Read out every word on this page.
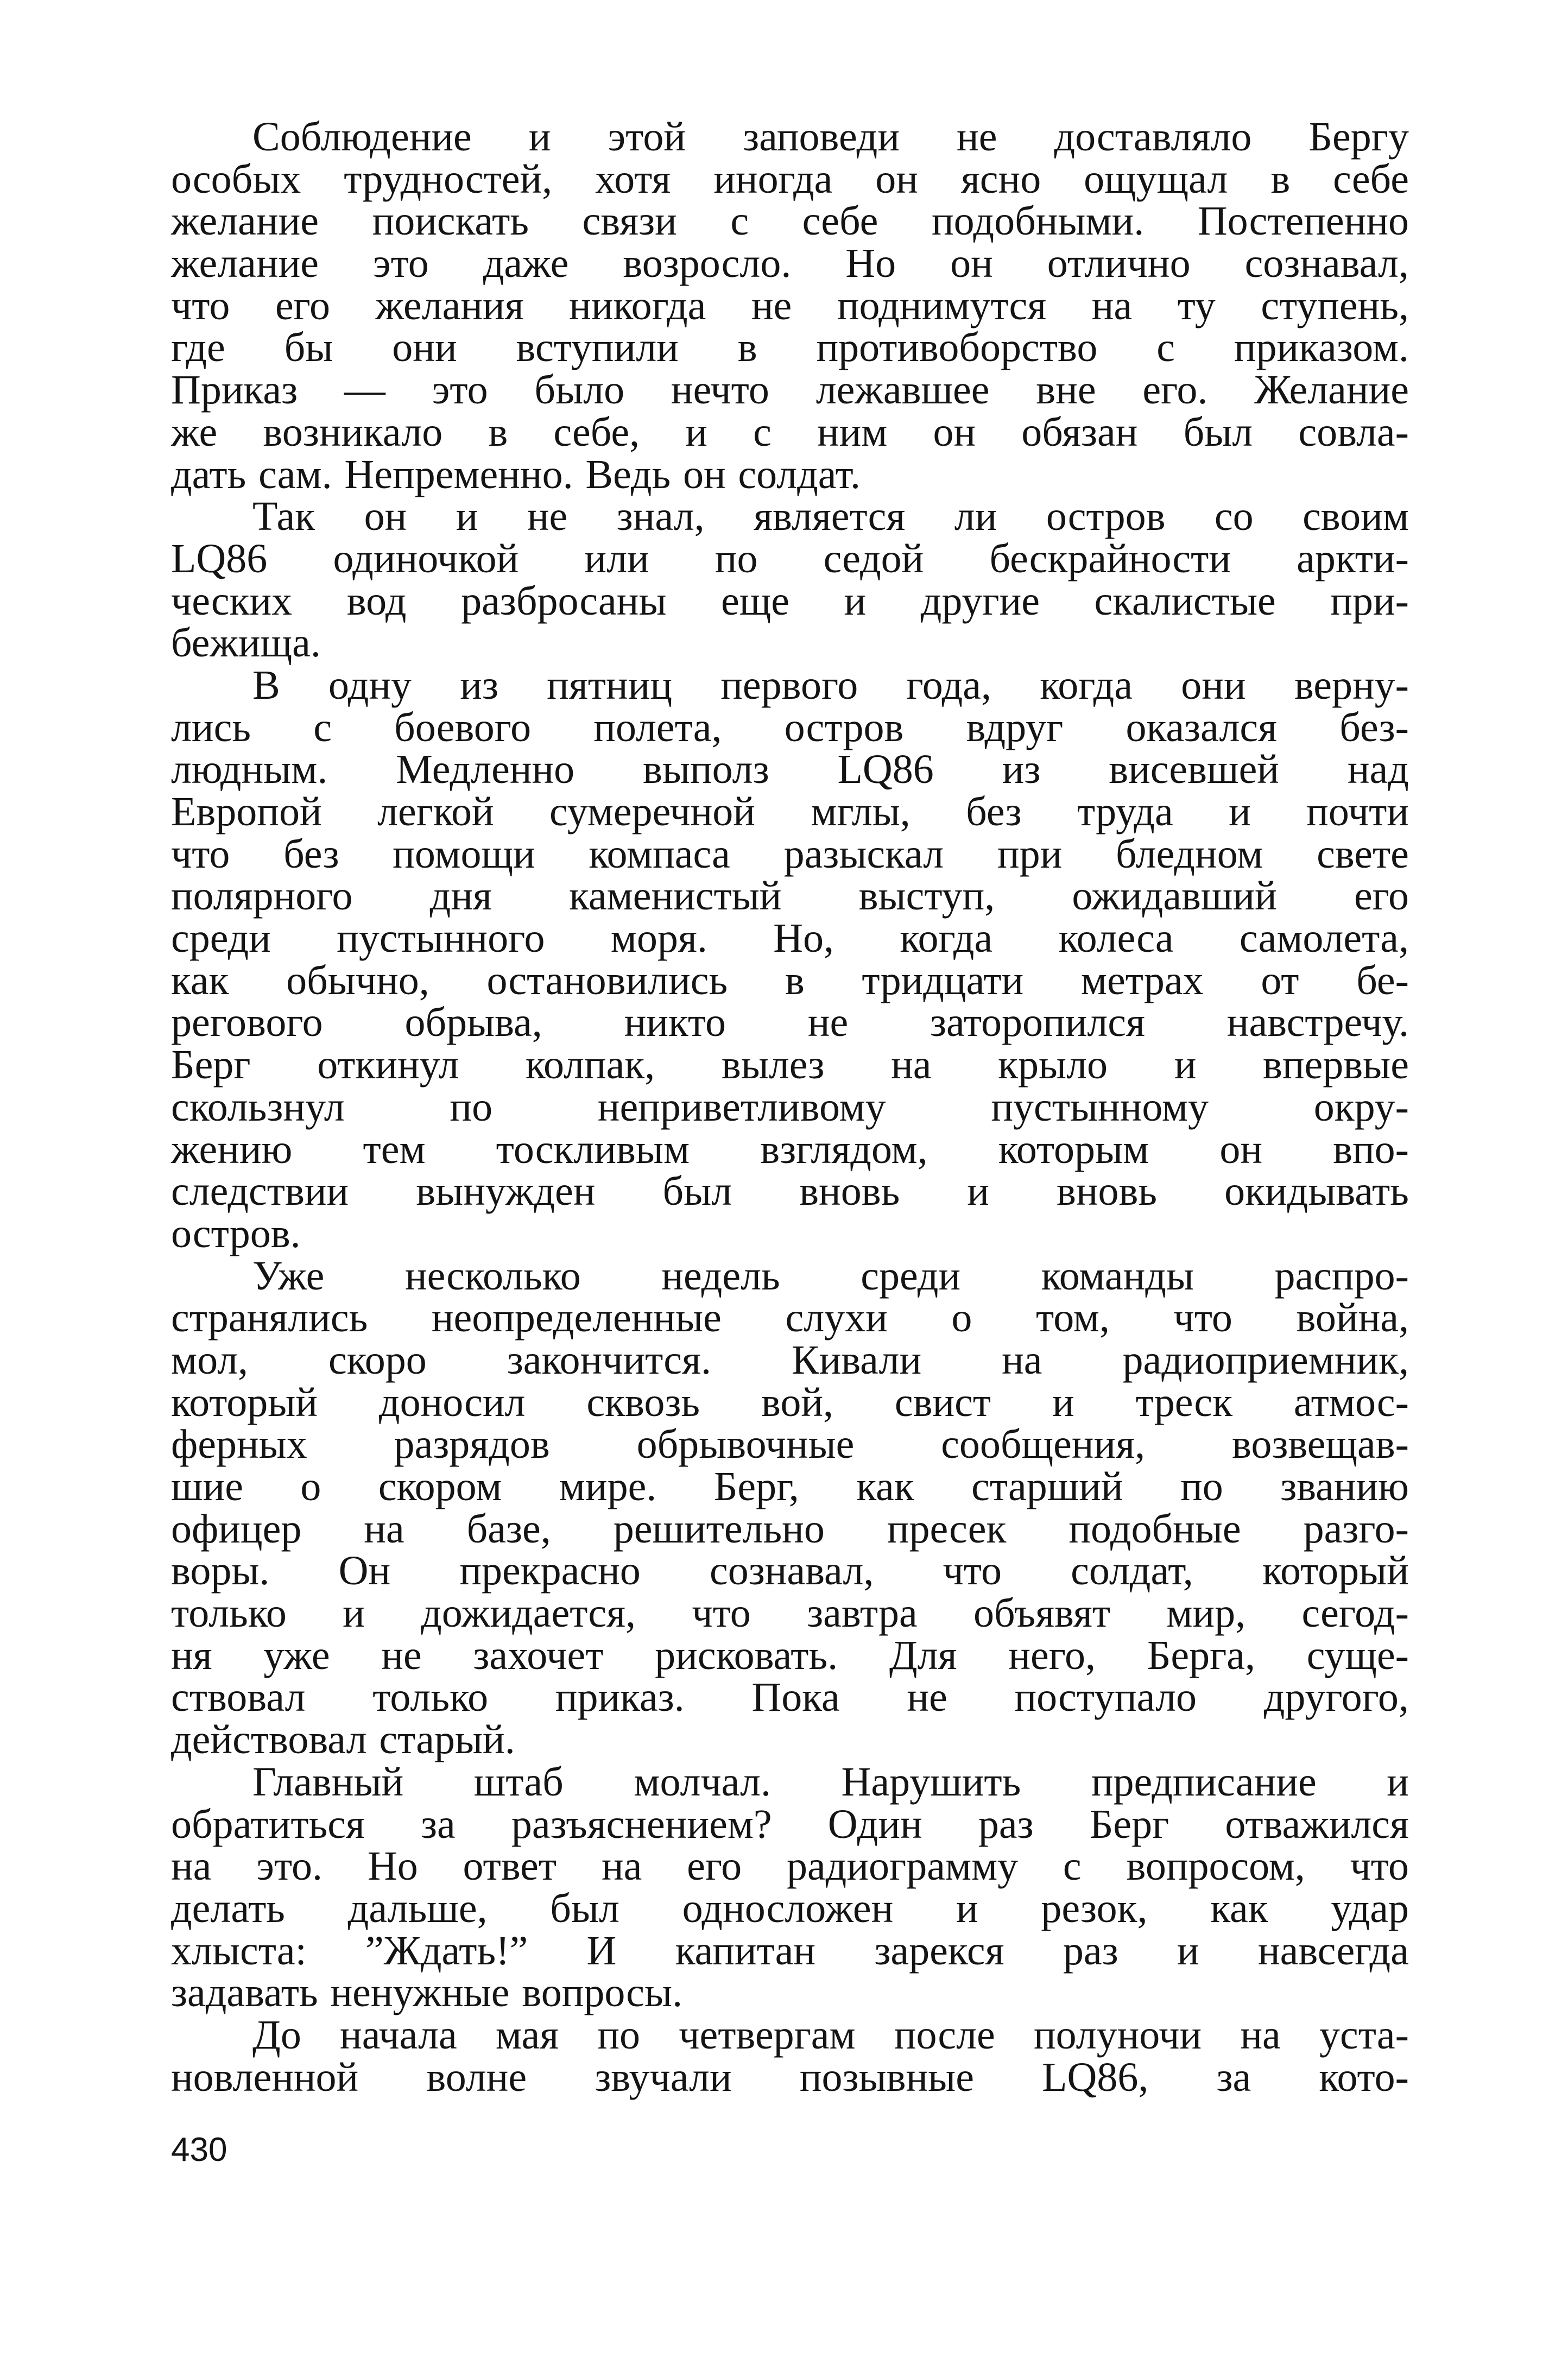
Соблюдение и этой заповеди не доставляло Бергу
особых трудностей, хотя иногда он ясно ощущал в себе
желание поискать связи с себе подобными. Постепенно
желание это даже возросло. Но он отлично сознавал,
что его желания никогда не поднимутся на ту ступень,
где бы они вступили в противоборство с приказом.
Приказ — это было нечто лежавшее вне его. Желание
же возникало в себе, и с ним он обязан был совла-
дать сам. Непременно. Ведь он солдат.
Так он и не знал, является ли остров со своим
LQ86 одиночкой или по седой бескрайности аркти-
ческих вод разбросаны еще и другие скалистые при-
бежища.
В одну из пятниц первого года, когда они верну-
лись с боевого полета, остров вдруг оказался без-
людным. Медленно выполз LQ86 из висевшей над
Европой легкой сумеречной мглы, без труда и почти
что без помощи компаса разыскал при бледном свете
полярного дня каменистый выступ, ожидавший его
среди пустынного моря. Но, когда колеса самолета,
как обычно, остановились в тридцати метрах от бе-
регового обрыва, никто не заторопился навстречу.
Берг откинул колпак, вылез на крыло и впервые
скользнул	по	неприветливому	пустынному	окру-
жению тем тоскливым взглядом, которым он впо-
следствии вынужден был вновь и вновь окидывать
остров.
Уже несколько недель среди команды распро-
странялись неопределенные слухи о том, что война,
мол, скоро закончится. Кивали на радиоприемник,
который доносил сквозь вой, свист и треск атмос-
ферных разрядов обрывочные сообщения, возвещав-
шие о скором мире. Берг, как старший по званию
офицер на базе, решительно пресек подобные разго-
воры. Он прекрасно сознавал, что солдат, который
только и дожидается, что завтра объявят мир, сегод-
ня уже не захочет рисковать. Для него, Берга, суще-
ствовал только приказ. Пока не поступало другого,
действовал старый.
Главный штаб молчал. Нарушить предписание и
обратиться за разъяснением? Один раз Берг отважился
на это. Но ответ на его радиограмму с вопросом, что
делать дальше, был односложен и резок, как удар
хлыста: ”Ждать!” И капитан зарекся раз и навсегда
задавать ненужные вопросы.
До начала мая по четвергам после полуночи на уста-
новленной волне звучали позывные LQ86, за кото-
430
